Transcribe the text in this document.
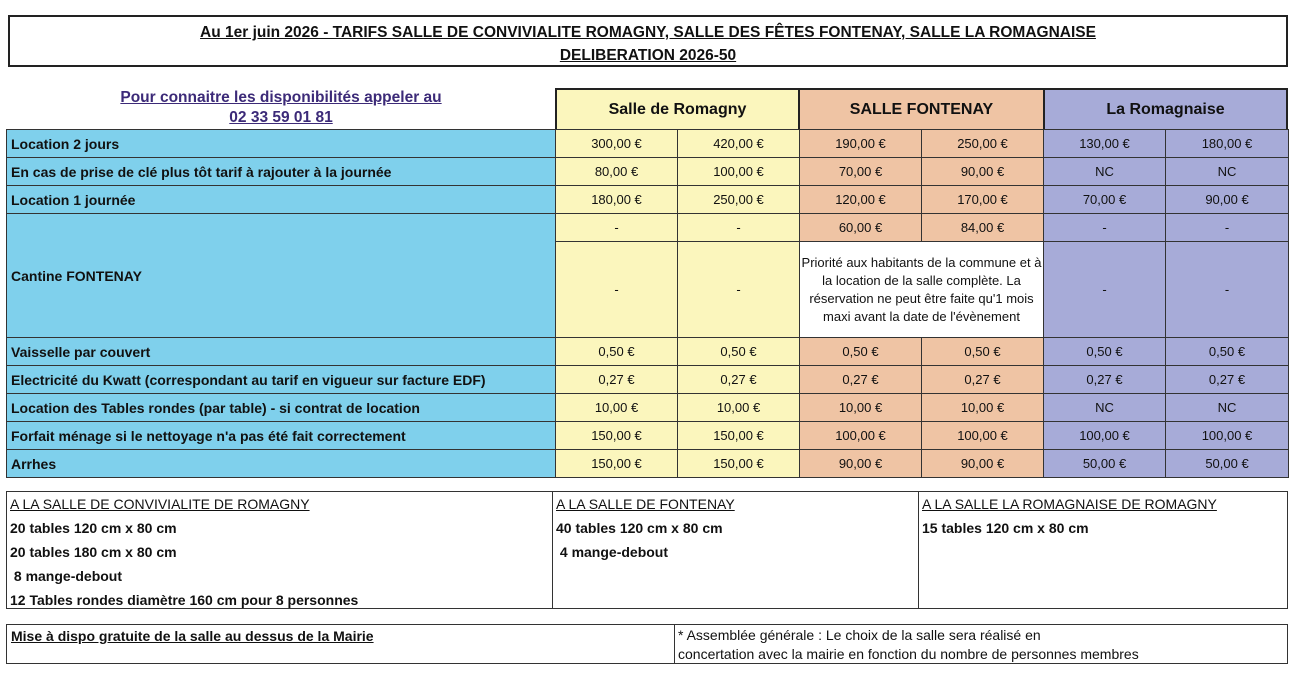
Au 1er juin 2026 - TARIFS SALLE DE CONVIVIALITE ROMAGNY, SALLE DES FÊTES FONTENAY, SALLE LA ROMAGNAISE
DELIBERATION 2026-50
Pour connaitre les disponibilités appeler au
02 33 59 01 81	Salle de Romagny	SALLE FONTENAY	La Romagnaise
Location 2 jours	300,00 €	420,00 €	190,00 €	250,00 €	130,00 €	180,00 €
En cas de prise de clé plus tôt tarif à rajouter à la journée	80,00 €	100,00 €	70,00 €	90,00 €	NC	NC
Location 1 journée	180,00 €	250,00 €	120,00 €	170,00 €	70,00 €	90,00 €
Cantine FONTENAY	-	-	60,00 €	84,00 €	-	-
	-	-	Priorité aux habitants de la commune et à la location de la salle complète. La réservation ne peut être faite qu'1 mois maxi avant la date de l'évènement		-	-
Vaisselle par couvert	0,50 €	0,50 €	0,50 €	0,50 €	0,50 €	0,50 €
Electricité du Kwatt (correspondant au tarif en vigueur sur facture EDF)	0,27 €	0,27 €	0,27 €	0,27 €	0,27 €	0,27 €
Location des Tables rondes (par table) - si contrat de location	10,00 €	10,00 €	10,00 €	10,00 €	NC	NC
Forfait ménage si le nettoyage n'a pas été fait correctement	150,00 €	150,00 €	100,00 €	100,00 €	100,00 €	100,00 €
Arrhes	150,00 €	150,00 €	90,00 €	90,00 €	50,00 €	50,00 €
A LA SALLE DE CONVIVIALITE DE ROMAGNY
20 tables 120 cm x 80 cm
20 tables 180 cm x 80 cm
8 mange-debout
12 Tables rondes diamètre 160 cm pour 8 personnes
A LA SALLE DE FONTENAY
40 tables 120 cm x 80 cm
4 mange-debout
A LA SALLE LA ROMAGNAISE DE ROMAGNY
15 tables 120 cm x 80 cm
Mise à dispo gratuite de la salle au dessus de la Mairie	* Assemblée générale : Le choix de la salle sera réalisé en
concertation avec la mairie en fonction du nombre de personnes membres
